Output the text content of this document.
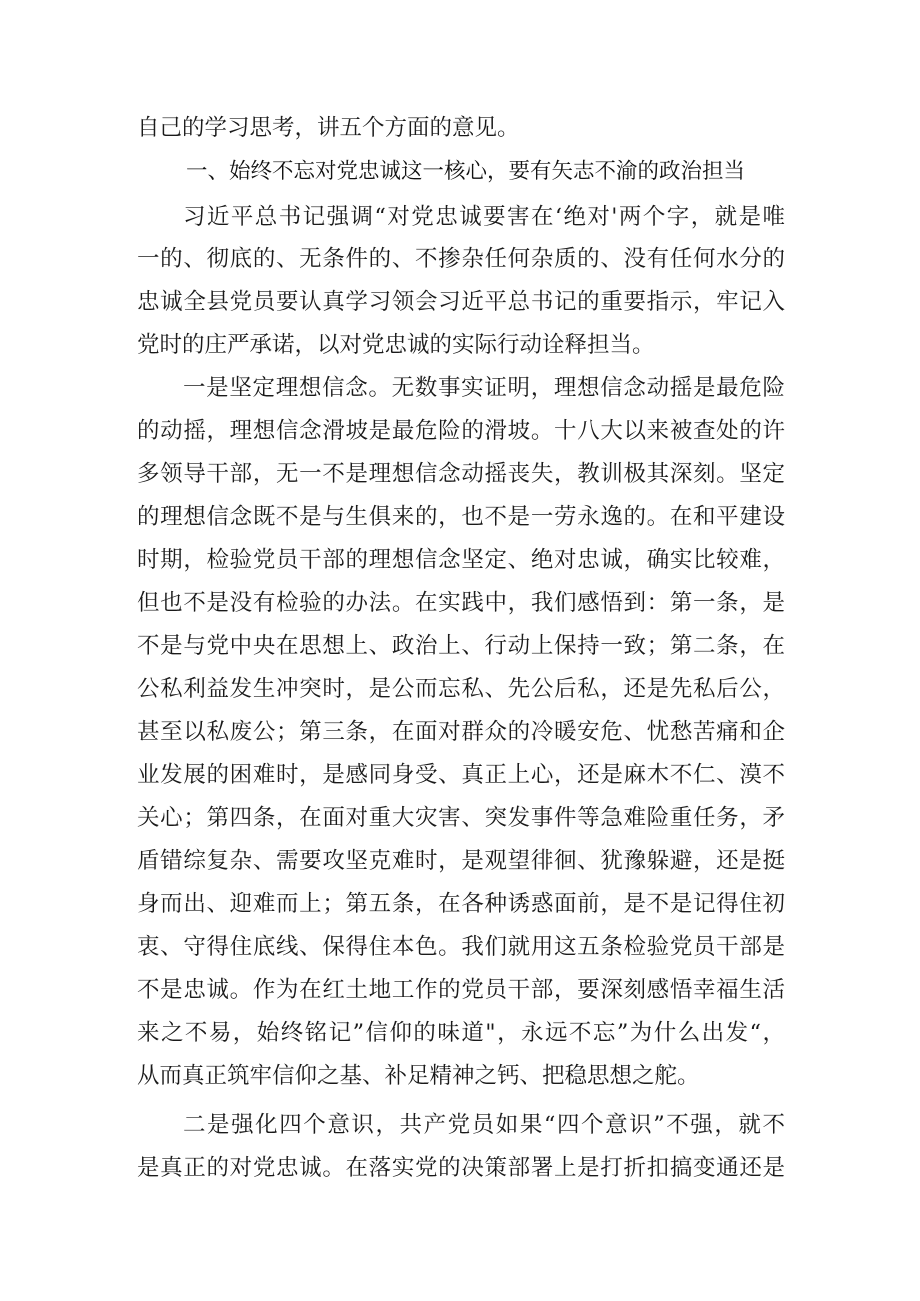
自己的学习思考，讲五个方面的意见。
一、始终不忘对党忠诚这一核心，要有矢志不渝的政治担当
习近平总书记强调“对党忠诚要害在‘绝对'两个字，就是唯
一的、彻底的、无条件的、不掺杂任何杂质的、没有任何水分的
忠诚全县党员要认真学习领会习近平总书记的重要指示，牢记入
党时的庄严承诺，以对党忠诚的实际行动诠释担当。
一是坚定理想信念。无数事实证明，理想信念动摇是最危险
的动摇，理想信念滑坡是最危险的滑坡。十八大以来被查处的许
多领导干部，无一不是理想信念动摇丧失，教训极其深刻。坚定
的理想信念既不是与生俱来的，也不是一劳永逸的。在和平建设
时期，检验党员干部的理想信念坚定、绝对忠诚，确实比较难，
但也不是没有检验的办法。在实践中，我们感悟到：第一条，是
不是与党中央在思想上、政治上、行动上保持一致；第二条，在
公私利益发生冲突时，是公而忘私、先公后私，还是先私后公，
甚至以私废公；第三条，在面对群众的冷暖安危、忧愁苦痛和企
业发展的困难时，是感同身受、真正上心，还是麻木不仁、漠不
关心；第四条，在面对重大灾害、突发事件等急难险重任务，矛
盾错综复杂、需要攻坚克难时，是观望徘徊、犹豫躲避，还是挺
身而出、迎难而上；第五条，在各种诱惑面前，是不是记得住初
衷、守得住底线、保得住本色。我们就用这五条检验党员干部是
不是忠诚。作为在红土地工作的党员干部，要深刻感悟幸福生活
来之不易，始终铭记”信仰的味道"，永远不忘”为什么出发“，
从而真正筑牢信仰之基、补足精神之钙、把稳思想之舵。
二是强化四个意识，共产党员如果“四个意识”不强，就不
是真正的对党忠诚。在落实党的决策部署上是打折扣搞变通还是
